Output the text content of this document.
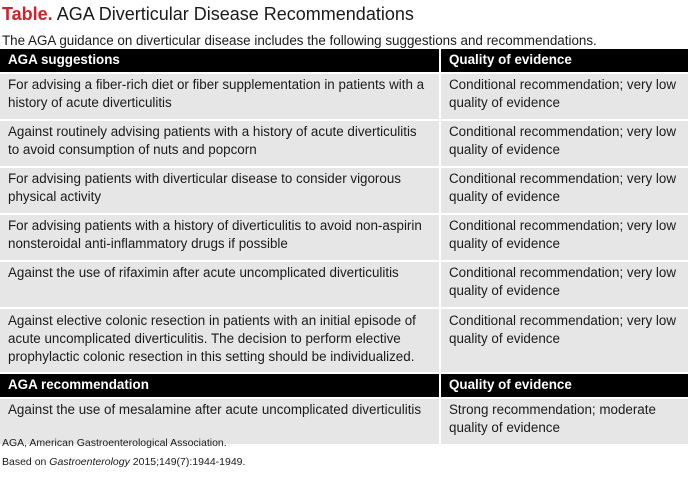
Table. AGA Diverticular Disease Recommendations
The AGA guidance on diverticular disease includes the following suggestions and recommendations.
AGA suggestions	Quality of evidence
For advising a fiber-rich diet or fiber supplementation in patients with a history of acute diverticulitis	Conditional recommendation; very low quality of evidence
Against routinely advising patients with a history of acute diverticulitis to avoid consumption of nuts and popcorn	Conditional recommendation; very low quality of evidence
For advising patients with diverticular disease to consider vigorous physical activity	Conditional recommendation; very low quality of evidence
For advising patients with a history of diverticulitis to avoid non-aspirin nonsteroidal anti-inflammatory drugs if possible	Conditional recommendation; very low quality of evidence
Against the use of rifaximin after acute uncomplicated diverticulitis	Conditional recommendation; very low quality of evidence
Against elective colonic resection in patients with an initial episode of acute uncomplicated diverticulitis. The decision to perform elective prophylactic colonic resection in this setting should be individualized.	Conditional recommendation; very low quality of evidence
AGA recommendation	Quality of evidence
Against the use of mesalamine after acute uncomplicated diverticulitis	Strong recommendation; moderate quality of evidence
AGA, American Gastroenterological Association.
Based on Gastroenterology 2015;149(7):1944-1949.
